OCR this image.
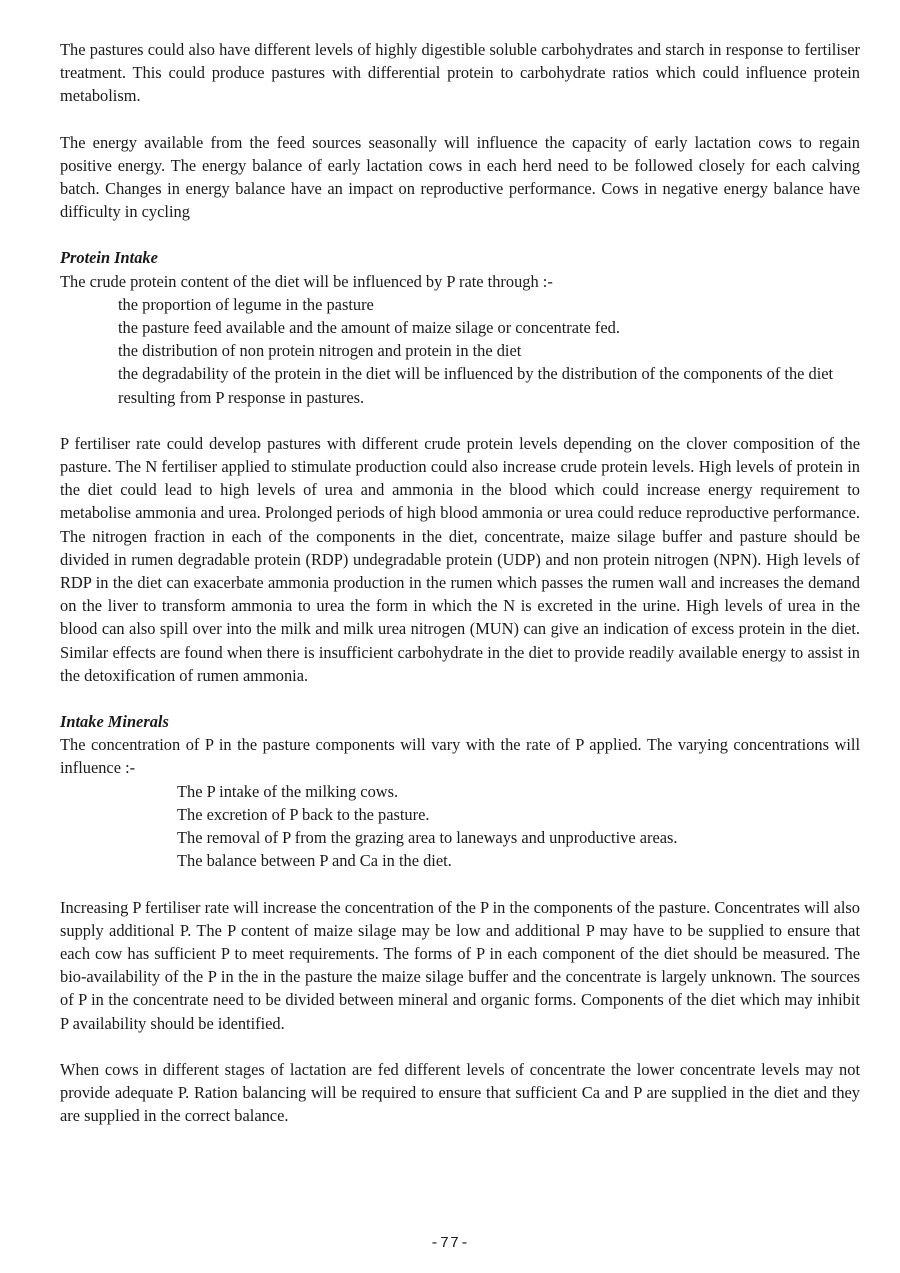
The pastures could also have different levels of highly digestible soluble carbohydrates and starch in response to fertiliser treatment. This could produce pastures with differential protein to carbohydrate ratios which could influence protein metabolism.

The energy available from the feed sources seasonally will influence the capacity of early lactation cows to regain positive energy. The energy balance of early lactation cows in each herd need to be followed closely for each calving batch. Changes in energy balance have an impact on reproductive performance. Cows in negative energy balance have difficulty in cycling

Protein Intake

The crude protein content of the diet will be influenced by P rate through :-

the proportion of legume in the pasture
the pasture feed available and the amount of maize silage or concentrate fed.
the distribution of non protein nitrogen and protein in the diet
the degradability of the protein in the diet will be influenced by the distribution of the components of the diet resulting from P response in pastures.

P fertiliser rate could develop pastures with different crude protein levels depending on the clover composition of the pasture. The N fertiliser applied to stimulate production could also increase crude protein levels. High levels of protein in the diet could lead to high levels of urea and ammonia in the blood which could increase energy requirement to metabolise ammonia and urea. Prolonged periods of high blood ammonia or urea could reduce reproductive performance. The nitrogen fraction in each of the components in the diet, concentrate, maize silage buffer and pasture should be divided in rumen degradable protein (RDP) undegradable protein (UDP) and non protein nitrogen (NPN). High levels of RDP in the diet can exacerbate ammonia production in the rumen which passes the rumen wall and increases the demand on the liver to transform ammonia to urea the form in which the N is excreted in the urine. High levels of urea in the blood can also spill over into the milk and milk urea nitrogen (MUN) can give an indication of excess protein in the diet. Similar effects are found when there is insufficient carbohydrate in the diet to provide readily available energy to assist in the detoxification of rumen ammonia.

Intake Minerals

The concentration of P in the pasture components will vary with the rate of P applied. The varying concentrations will influence :-

The P intake of the milking cows.
The excretion of P back to the pasture.
The removal of P from the grazing area to laneways and unproductive areas.
The balance between P and Ca in the diet.

Increasing P fertiliser rate will increase the concentration of the P in the components of the pasture. Concentrates will also supply additional P. The P content of maize silage may be low and additional P may have to be supplied to ensure that each cow has sufficient P to meet requirements. The forms of P in each component of the diet should be measured. The bio-availability of the P in the in the pasture the maize silage buffer and the concentrate is largely unknown. The sources of P in the concentrate need to be divided between mineral and organic forms. Components of the diet which may inhibit P availability should be identified.

When cows in different stages of lactation are fed different levels of concentrate the lower concentrate levels may not provide adequate P. Ration balancing will be required to ensure that sufficient Ca and P are supplied in the diet and they are supplied in the correct balance.

-77-
